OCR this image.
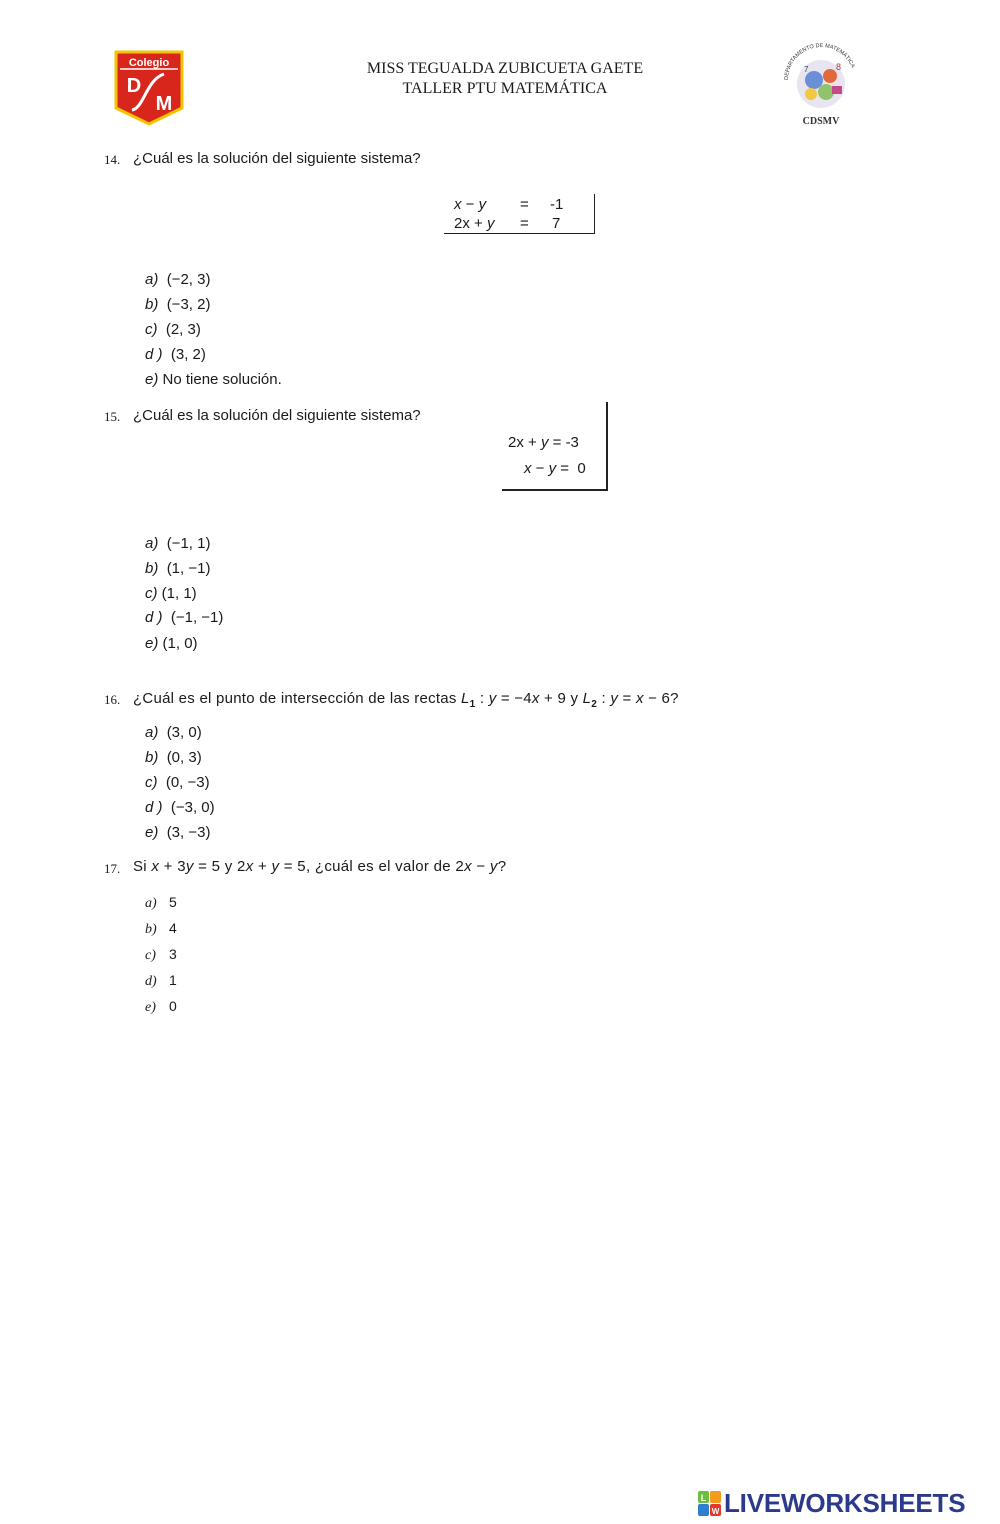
Colegio
D
M
MISS TEGUALDA ZUBICUETA GAETE
TALLER PTU MATEMÁTICA
DEPARTAMENTO DE MATEMÁTICA
8
7
CDSMV
14. ¿Cuál es la solución del siguiente sistema?
x − y = -1
2x + y = 7
a) (−2, 3)
b) (−3, 2)
c) (2, 3)
d ) (3, 2)
e) No tiene solución.
15. ¿Cuál es la solución del siguiente sistema?
2x + y = -3
x − y = 0
a) (−1, 1)
b) (1, −1)
c) (1, 1)
d ) (−1, −1)
e) (1, 0)
16. ¿Cuál es el punto de intersección de las rectas $L_1$ : y = −4x + 9 y $L_2$ : y = x − 6?
a) (3, 0)
b) (0, 3)
c) (0, −3)
d ) (−3, 0)
e) (3, −3)
17. Si x + 3y = 5 y 2x + y = 5, ¿cuál es el valor de 2x − y?
a) 5
b) 4
c) 3
d) 1
e) 0
L
W LIVEWORKSHEETS
